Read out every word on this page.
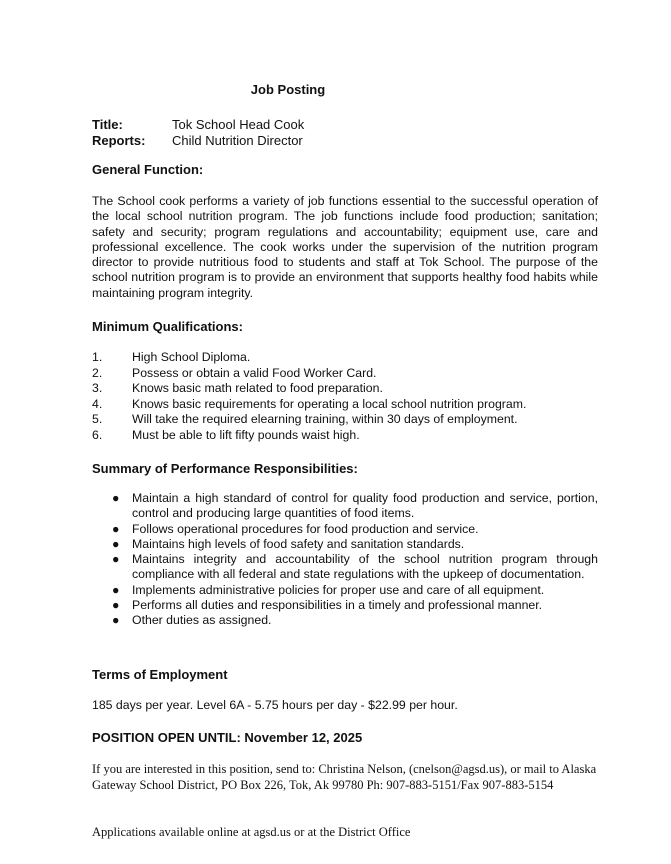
Job Posting
Title:	Tok School Head Cook
Reports:	Child Nutrition Director
General Function:
The School cook performs a variety of job functions essential to the successful operation of the local school nutrition program. The job functions include food production; sanitation; safety and security; program regulations and accountability; equipment use, care and professional excellence. The cook works under the supervision of the nutrition program director to provide nutritious food to students and staff at Tok School. The purpose of the school nutrition program is to provide an environment that supports healthy food habits while maintaining program integrity.
Minimum Qualifications:
1.	High School Diploma.
2.	Possess or obtain a valid Food Worker Card.
3.	Knows basic math related to food preparation.
4.	Knows basic requirements for operating a local school nutrition program.
5.	Will take the required elearning training, within 30 days of employment.
6.	Must be able to lift fifty pounds waist high.
Summary of Performance Responsibilities:
●	Maintain a high standard of control for quality food production and service, portion, control and producing large quantities of food items.
●	Follows operational procedures for food production and service.
●	Maintains high levels of food safety and sanitation standards.
●	Maintains integrity and accountability of the school nutrition program through compliance with all federal and state regulations with the upkeep of documentation.
●	Implements administrative policies for proper use and care of all equipment.
●	Performs all duties and responsibilities in a timely and professional manner.
●	Other duties as assigned.
Terms of Employment
185 days per year. Level 6A - 5.75 hours per day - $22.99 per hour.
POSITION OPEN UNTIL: November 12, 2025
If you are interested in this position, send to: Christina Nelson, (cnelson@agsd.us), or mail to Alaska Gateway School District, PO Box 226, Tok, Ak 99780 Ph: 907-883-5151/Fax 907-883-5154
Applications available online at agsd.us or at the District Office
